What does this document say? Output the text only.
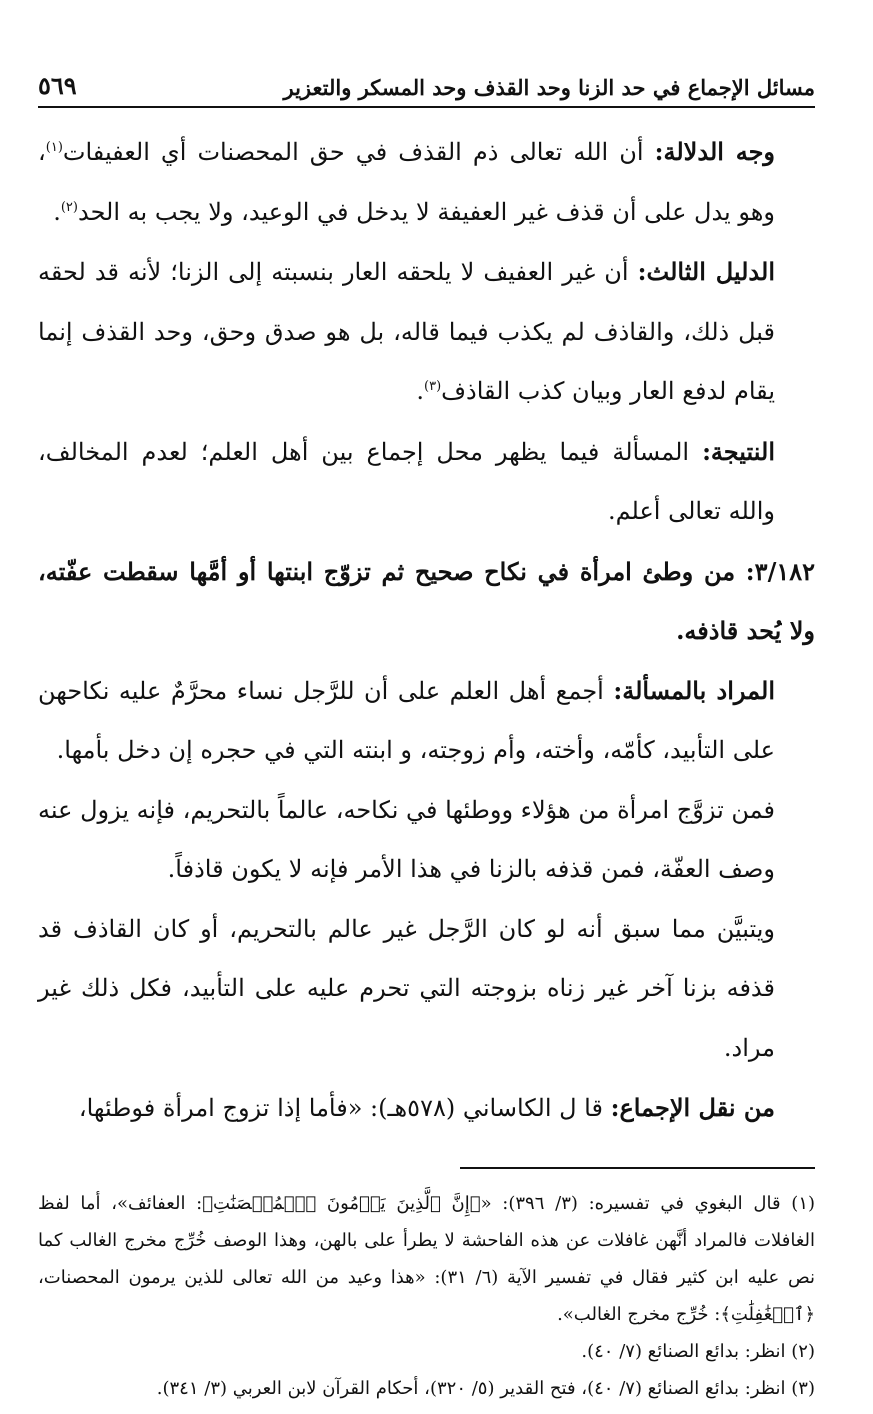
مسائل الإجماع في حد الزنا وحد القذف وحد المسكر والتعزير
٥٦٩

وجه الدلالة: أن الله تعالى ذم القذف في حق المحصنات أي العفيفات$^{(١)}$، وهو يدل على أن قذف غير العفيفة لا يدخل في الوعيد، ولا يجب به الحد$^{(٢)}$.

الدليل الثالث: أن غير العفيف لا يلحقه العار بنسبته إلى الزنا؛ لأنه قد لحقه قبل ذلك، والقاذف لم يكذب فيما قاله، بل هو صدق وحق، وحد القذف إنما يقام لدفع العار وبيان كذب القاذف$^{(٣)}$.

النتيجة: المسألة فيما يظهر محل إجماع بين أهل العلم؛ لعدم المخالف، والله تعالى أعلم.

٣/١٨٢: من وطئ امرأة في نكاح صحيح ثم تزوّج ابنتها أو أمَّها سقطت عفّته، ولا يُحد قاذفه.

المراد بالمسألة: أجمع أهل العلم على أن للرَّجل نساء محرَّمٌ عليه نكاحهن على التأبيد، كأمّه، وأخته، وأم زوجته، و ابنته التي في حجره إن دخل بأمها.

فمن تزوَّج امرأة من هؤلاء ووطئها في نكاحه، عالماً بالتحريم، فإنه يزول عنه وصف العفّة، فمن قذفه بالزنا في هذا الأمر فإنه لا يكون قاذفاً.

ويتبيَّن مما سبق أنه لو كان الرَّجل غير عالم بالتحريم، أو كان القاذف قد قذفه بزنا آخر غير زناه بزوجته التي تحرم عليه على التأبيد، فكل ذلك غير مراد.

من نقل الإجماع: قا ل الكاساني (٥٧٨هـ): «فأما إذا تزوج امرأة فوطئها،

(١) قال البغوي في تفسيره: (٣/ ٣٩٦): «﴿إِنَّ ٱلَّذِينَ يَرۡمُونَ ٱلۡمُحۡصَنَٰتِ﴾: العفائف»، أما لفظ الغافلات فالمراد أنَّهن غافلات عن هذه الفاحشة لا يطرأ على بالهن، وهذا الوصف خُرِّج مخرج الغالب كما نص عليه ابن كثير فقال في تفسير الآية (٦/ ٣١): «هذا وعيد من الله تعالى للذين يرمون المحصنات، ﴿ٱلۡغَٰفِلَٰتِ﴾: خُرِّج مخرج الغالب».

(٢) انظر: بدائع الصنائع (٧/ ٤٠).

(٣) انظر: بدائع الصنائع (٧/ ٤٠)، فتح القدير (٥/ ٣٢٠)، أحكام القرآن لابن العربي (٣/ ٣٤١).
